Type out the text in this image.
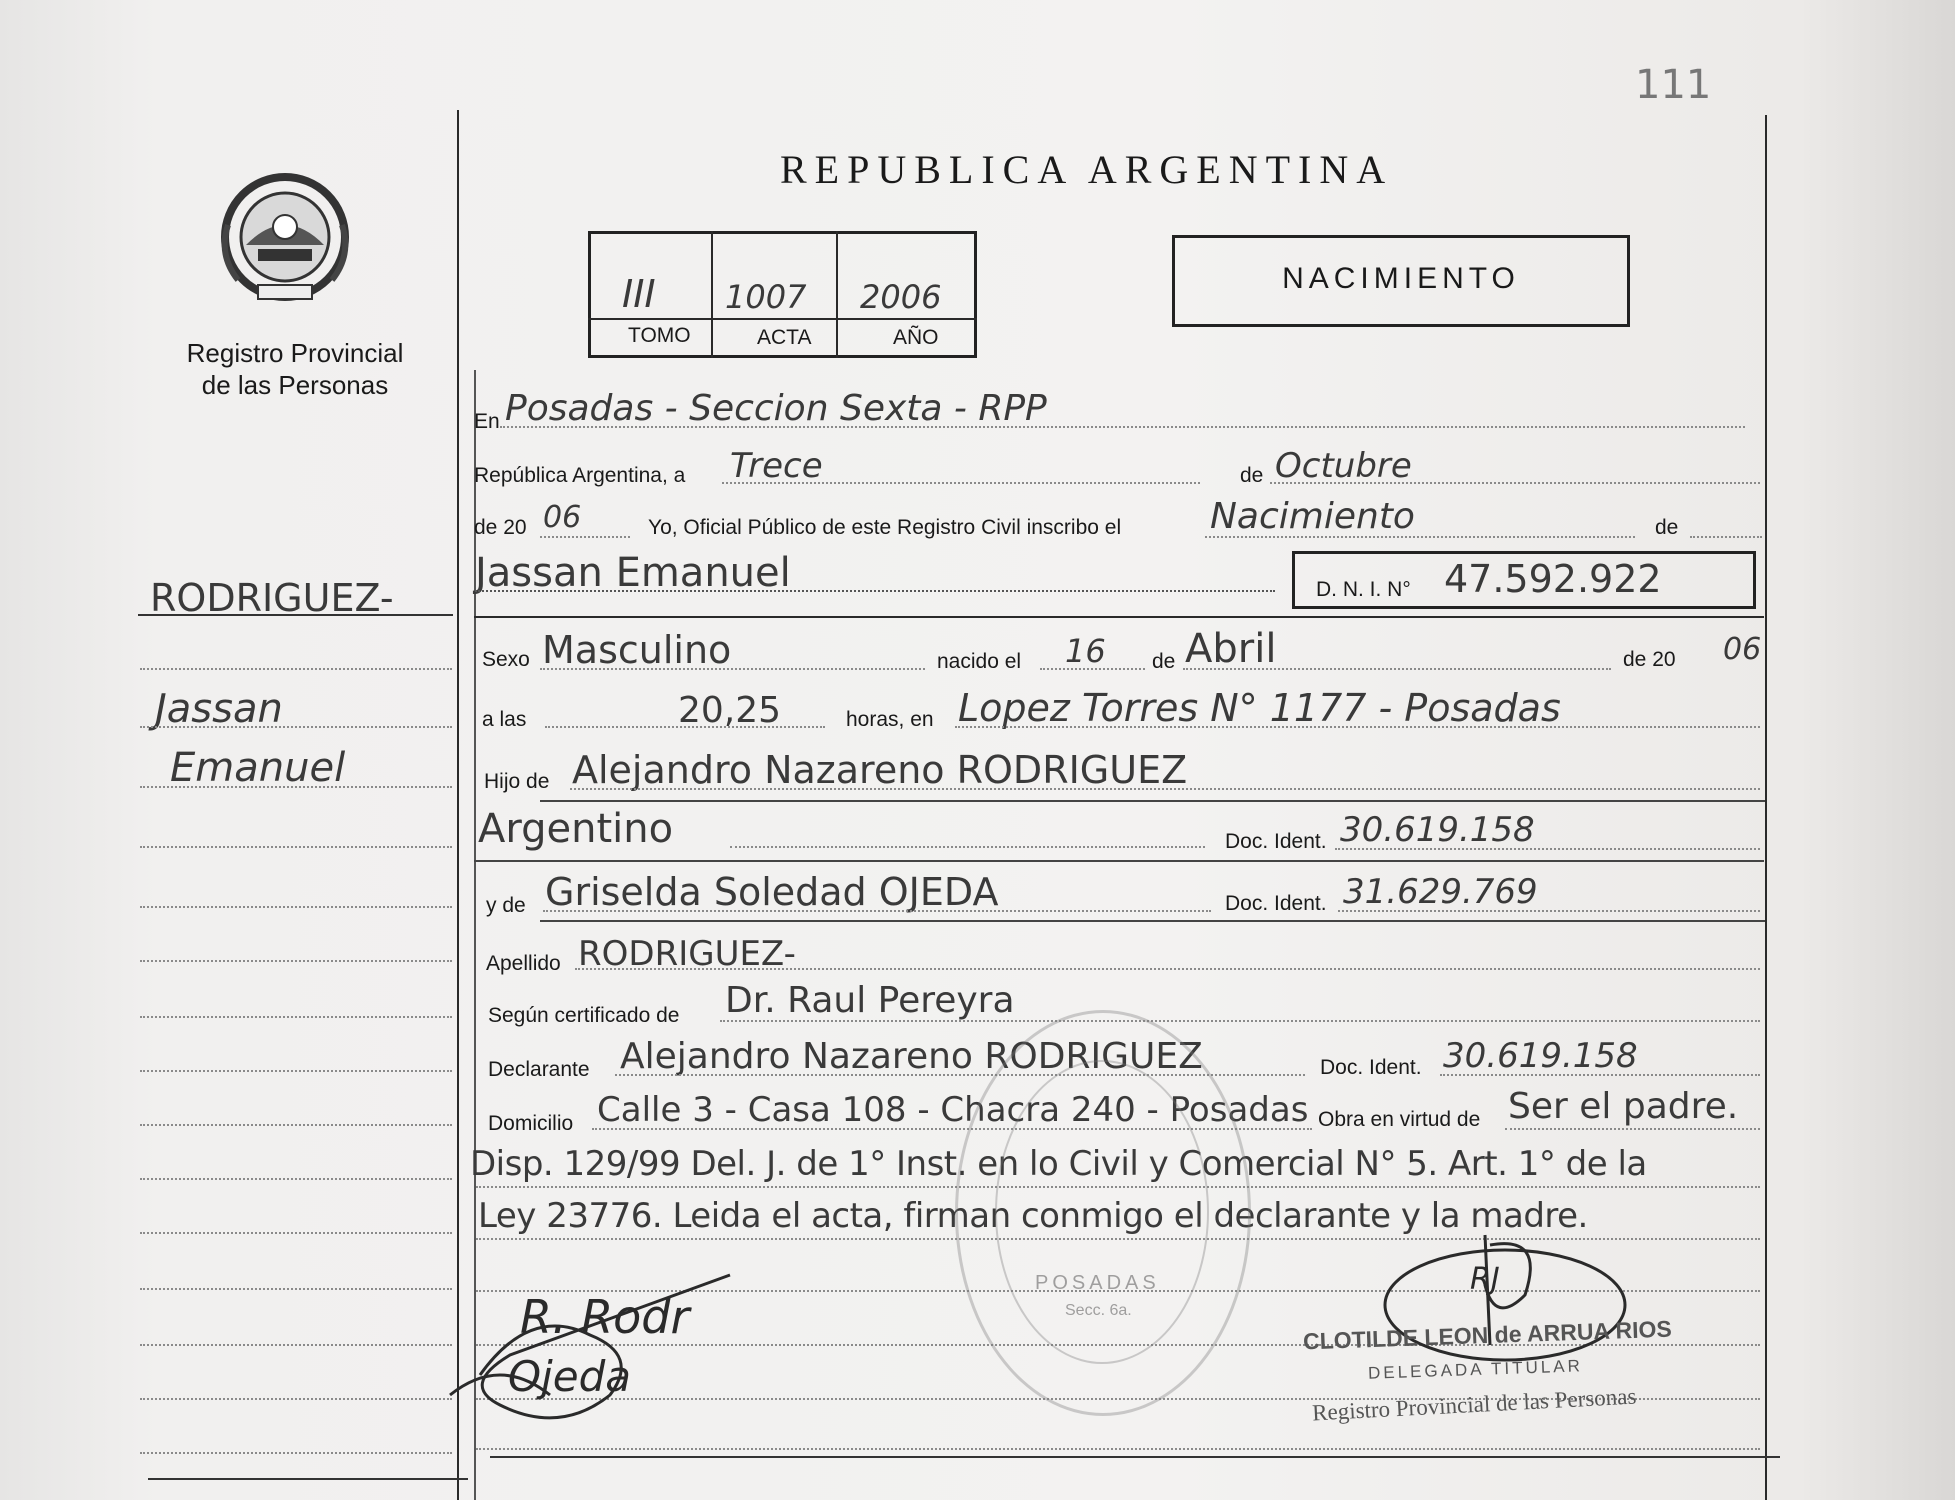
111
Registro Provincial
de las Personas
REPUBLICA ARGENTINA
III 1007 2006
TOMO	ACTA	AÑO
NACIMIENTO
RODRIGUEZ-
Jassan
Emanuel
En Posadas - Seccion Sexta - RPP
República Argentina, a Trece	de Octubre
de 20 06	Yo, Oficial Público de este Registro Civil inscribo el Nacimiento	de
Jassan Emanuel	D. N. I. N° 47.592.922
Sexo Masculino	nacido el 16 de Abril	de 20 06
a las	20,25	horas, en Lopez Torres N° 1177 - Posadas
Hijo de Alejandro Nazareno RODRIGUEZ
Argentino	Doc. Ident. 30.619.158
y de Griselda Soledad OJEDA	Doc. Ident. 31.629.769
Apellido RODRIGUEZ-
Según certificado de Dr. Raul Pereyra
Declarante Alejandro Nazareno RODRIGUEZ	Doc. Ident. 30.619.158
Domicilio Calle 3 - Casa 108 - Chacra 240 - Posadas Obra en virtud de Ser el padre.
Disp. 129/99 Del. J. de 1° Inst. en lo Civil y Comercial N° 5. Art. 1° de la
Ley 23776. Leida el acta, firman conmigo el declarante y la madre.
POSADAS
Secc. 6a.
R. Rodr
Ojeda
RJ
CLOTILDE LEON de ARRUA RIOS
DELEGADA TITULAR
Registro Provincial de las Personas
